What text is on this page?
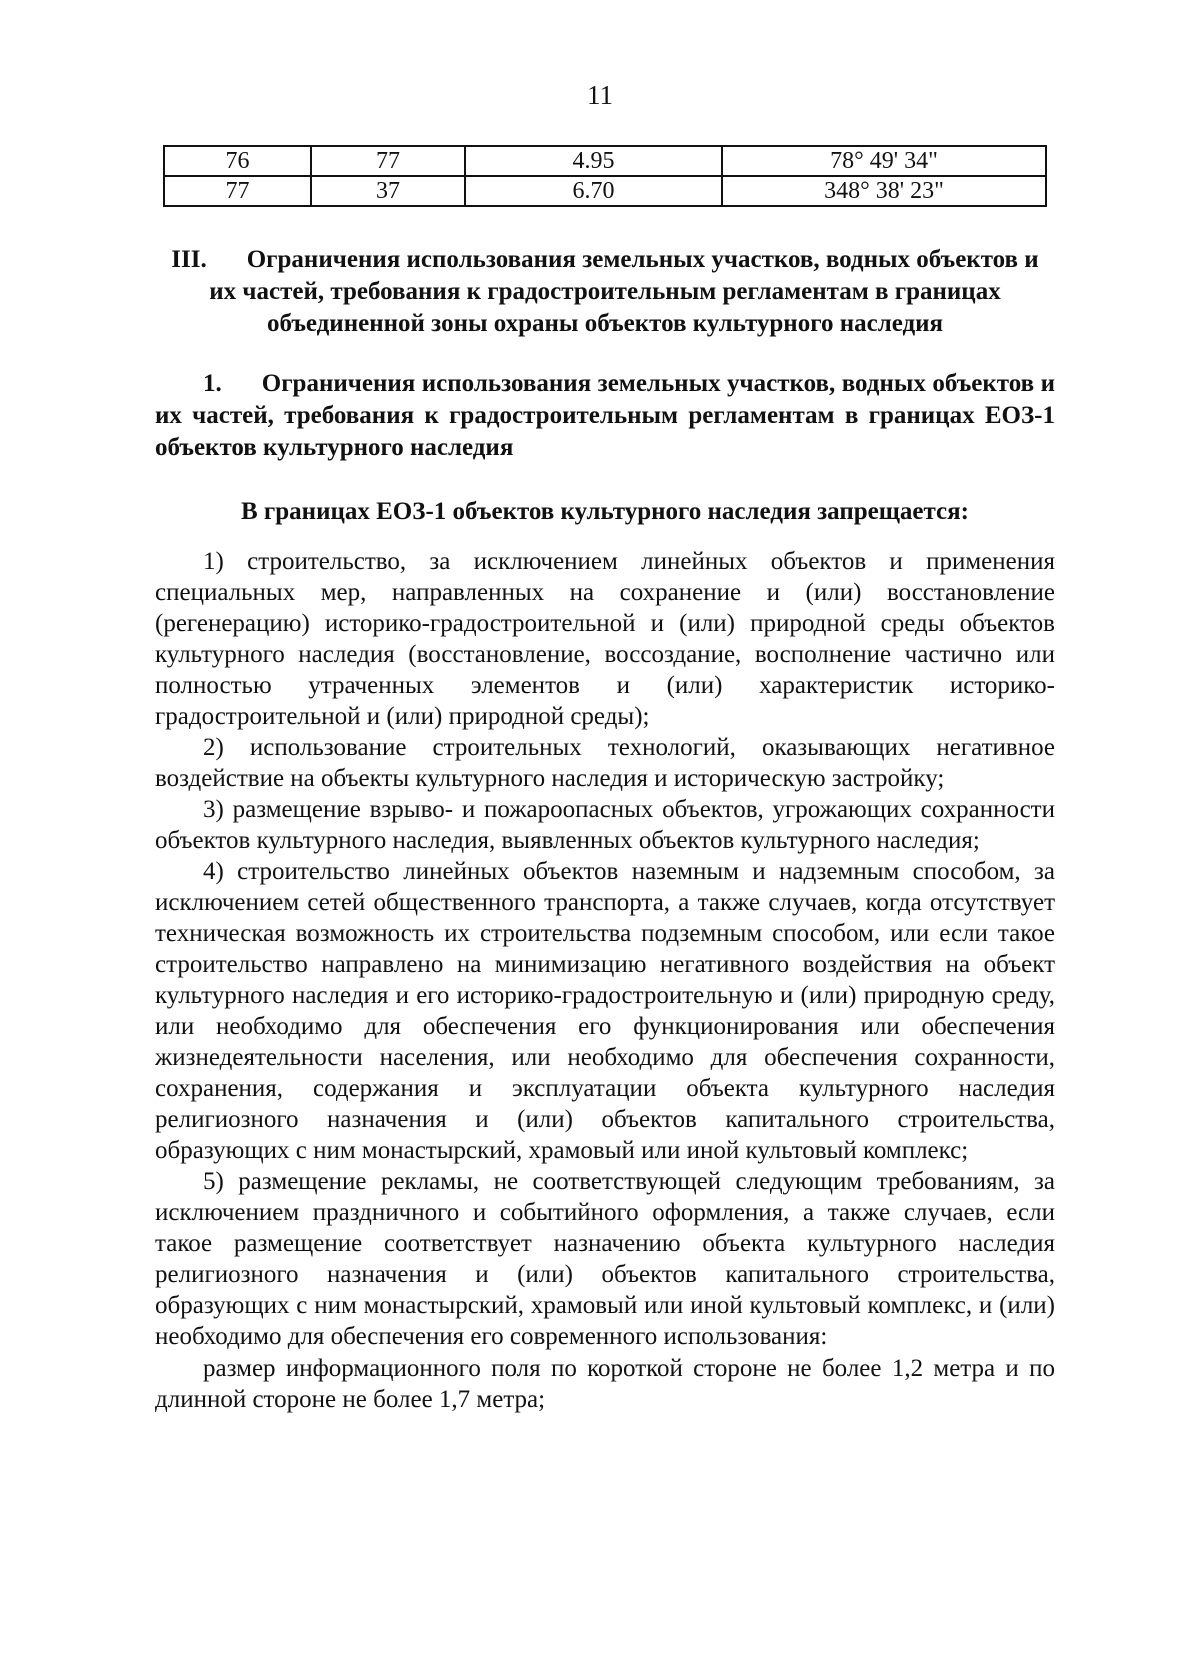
11
76	77	4.95	78° 49' 34"
77	37	6.70	348° 38' 23"
III. Ограничения использования земельных участков, водных объектов и их частей, требования к градостроительным регламентам в границах объединенной зоны охраны объектов культурного наследия
1. Ограничения использования земельных участков, водных объектов и их частей, требования к градостроительным регламентам в границах ЕОЗ-1 объектов культурного наследия
В границах ЕОЗ-1 объектов культурного наследия запрещается:

1) строительство, за исключением линейных объектов и применения специальных мер, направленных на сохранение и (или) восстановление (регенерацию) историко-градостроительной и (или) природной среды объектов культурного наследия (восстановление, воссоздание, восполнение частично или полностью утраченных элементов и (или) характеристик историко-градостроительной и (или) природной среды);

2) использование строительных технологий, оказывающих негативное воздействие на объекты культурного наследия и историческую застройку;

3) размещение взрыво- и пожароопасных объектов, угрожающих сохранности объектов культурного наследия, выявленных объектов культурного наследия;

4) строительство линейных объектов наземным и надземным способом, за исключением сетей общественного транспорта, а также случаев, когда отсутствует техническая возможность их строительства подземным способом, или если такое строительство направлено на минимизацию негативного воздействия на объект культурного наследия и его историко-градостроительную и (или) природную среду, или необходимо для обеспечения его функционирования или обеспечения жизнедеятельности населения, или необходимо для обеспечения сохранности, сохранения, содержания и эксплуатации объекта культурного наследия религиозного назначения и (или) объектов капитального строительства, образующих с ним монастырский, храмовый или иной культовый комплекс;

5) размещение рекламы, не соответствующей следующим требованиям, за исключением праздничного и событийного оформления, а также случаев, если такое размещение соответствует назначению объекта культурного наследия религиозного назначения и (или) объектов капитального строительства, образующих с ним монастырский, храмовый или иной культовый комплекс, и (или) необходимо для обеспечения его современного использования:

размер информационного поля по короткой стороне не более 1,2 метра и по длинной стороне не более 1,7 метра;
